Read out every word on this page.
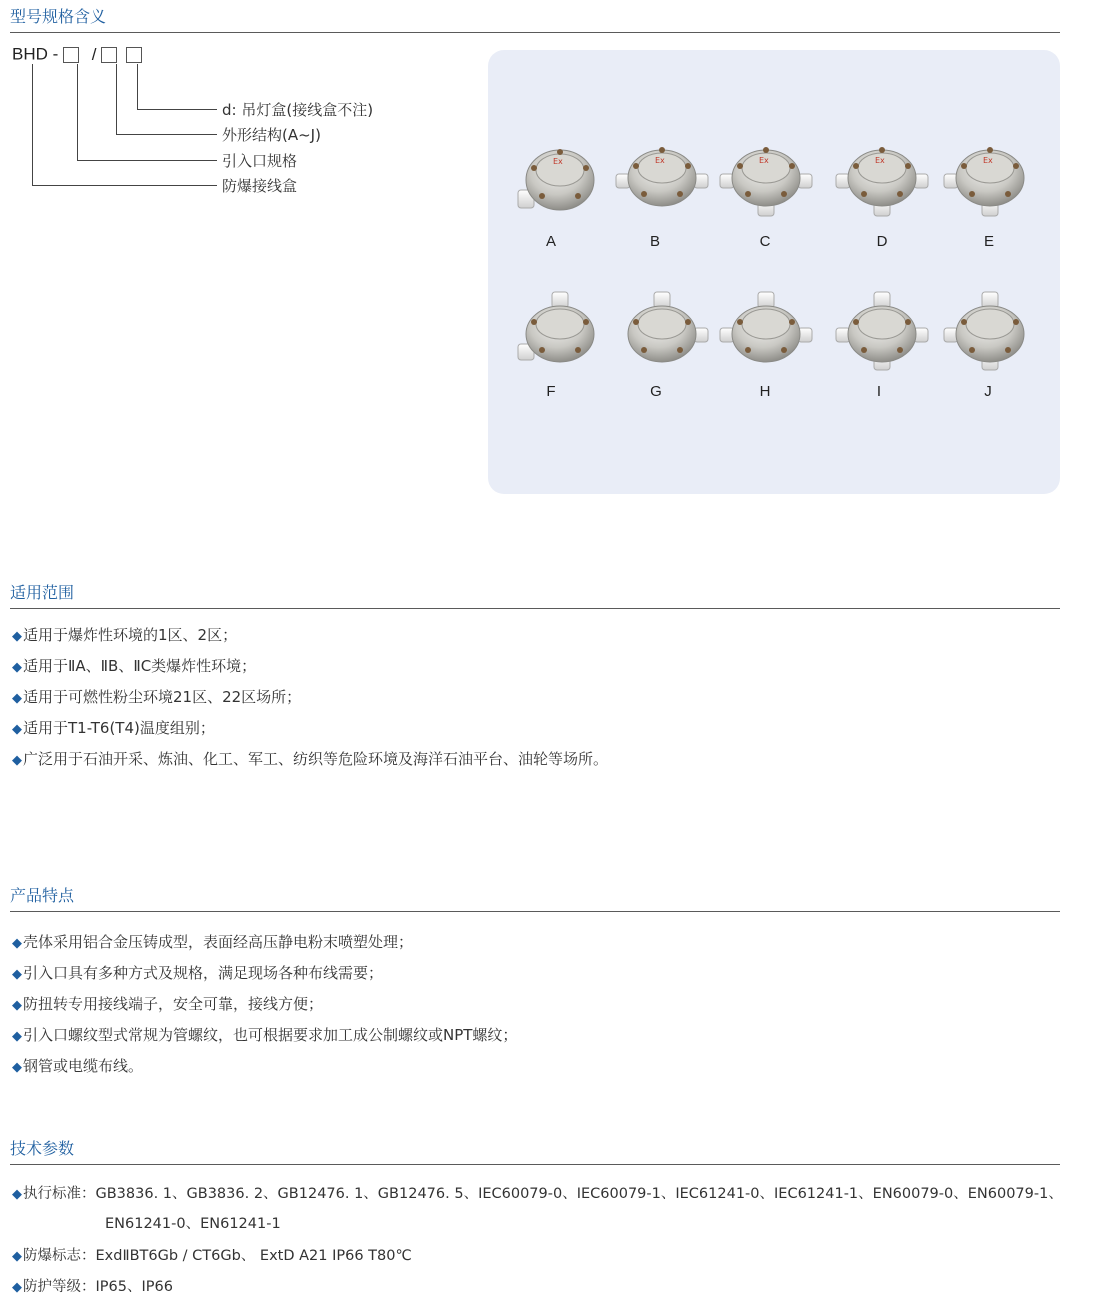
型号规格含义
BHD - /
d: 吊灯盒(接线盒不注)
外形结构(A~J)
引入口规格
防爆接线盒
Ex	Ex	Ex	Ex	Ex
A	B	C	D	E
F	G	H	I	J
适用范围
◆适用于爆炸性环境的1区、2区；
◆适用于ⅡA、ⅡB、ⅡC类爆炸性环境；
◆适用于可燃性粉尘环境21区、22区场所；
◆适用于T1-T6(T4)温度组别；
◆广泛用于石油开采、炼油、化工、军工、纺织等危险环境及海洋石油平台、油轮等场所。
产品特点
◆壳体采用铝合金压铸成型，表面经高压静电粉末喷塑处理；
◆引入口具有多种方式及规格，满足现场各种布线需要；
◆防扭转专用接线端子，安全可靠，接线方便；
◆引入口螺纹型式常规为管螺纹，也可根据要求加工成公制螺纹或NPT螺纹；
◆钢管或电缆布线。
技术参数
◆执行标准：GB3836. 1、GB3836. 2、GB12476. 1、GB12476. 5、IEC60079-0、IEC60079-1、IEC61241-0、IEC61241-1、EN60079-0、EN60079-1、
EN61241-0、EN61241-1
◆防爆标志：ExdⅡBT6Gb / CT6Gb、 ExtD A21 IP66 T80℃
◆防护等级：IP65、IP66
